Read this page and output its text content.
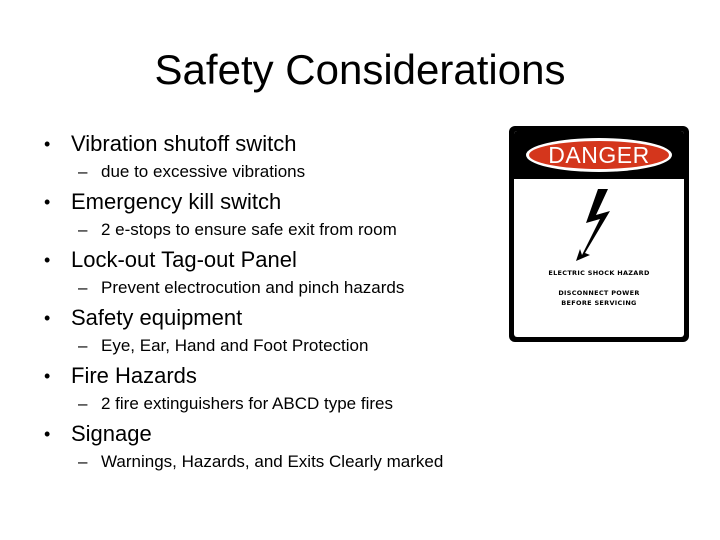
Safety Considerations
• Vibration shutoff switch
– due to excessive vibrations
• Emergency kill switch
– 2 e-stops to ensure safe exit from room
• Lock-out Tag-out Panel
– Prevent electrocution and pinch hazards
• Safety equipment
– Eye, Ear, Hand and Foot Protection
• Fire Hazards
– 2 fire extinguishers for ABCD type fires
• Signage
– Warnings, Hazards, and Exits Clearly marked
DANGER
ELECTRIC SHOCK HAZARD
DISCONNECT POWER
BEFORE SERVICING
